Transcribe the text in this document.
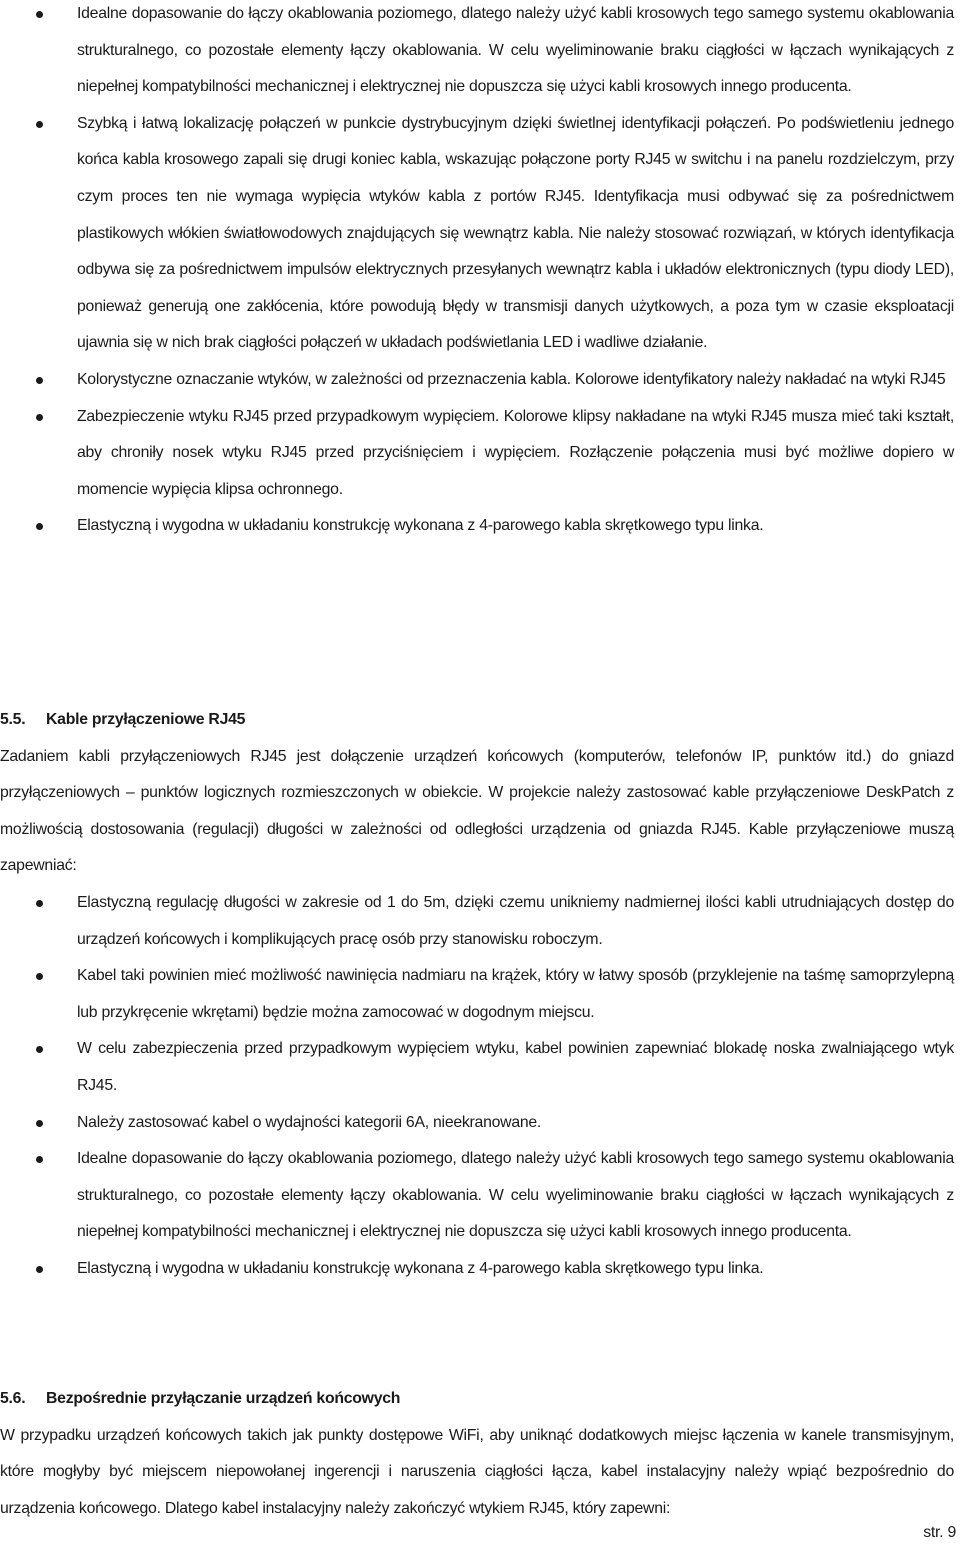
Idealne dopasowanie do łączy okablowania poziomego, dlatego należy użyć kabli krosowych tego samego systemu okablowania strukturalnego, co pozostałe elementy łączy okablowania. W celu wyeliminowanie braku ciągłości w łączach wynikających z niepełnej kompatybilności mechanicznej i elektrycznej nie dopuszcza się użyci kabli krosowych innego producenta.
Szybką i łatwą lokalizację połączeń w punkcie dystrybucyjnym dzięki świetlnej identyfikacji połączeń. Po podświetleniu jednego końca kabla krosowego zapali się drugi koniec kabla, wskazując połączone porty RJ45 w switchu i na panelu rozdzielczym, przy czym proces ten nie wymaga wypięcia wtyków kabla z portów RJ45. Identyfikacja musi odbywać się za pośrednictwem plastikowych włókien światłowodowych znajdujących się wewnątrz kabla. Nie należy stosować rozwiązań, w których identyfikacja odbywa się za pośrednictwem impulsów elektrycznych przesyłanych wewnątrz kabla i układów elektronicznych (typu diody LED), ponieważ generują one zakłócenia, które powodują błędy w transmisji danych użytkowych, a poza tym w czasie eksploatacji ujawnia się w nich brak ciągłości połączeń w układach podświetlania LED i wadliwe działanie.
Kolorystyczne oznaczanie wtyków, w zależności od przeznaczenia kabla. Kolorowe identyfikatory należy nakładać na wtyki RJ45
Zabezpieczenie wtyku RJ45 przed przypadkowym wypięciem. Kolorowe klipsy nakładane na wtyki RJ45 musza mieć taki kształt, aby chroniły nosek wtyku RJ45 przed przyciśnięciem i wypięciem. Rozłączenie połączenia musi być możliwe dopiero w momencie wypięcia klipsa ochronnego.
Elastyczną i wygodna w układaniu konstrukcję wykonana z 4-parowego kabla skrętkowego typu linka.
5.5. Kable przyłączeniowe RJ45

Zadaniem kabli przyłączeniowych RJ45 jest dołączenie urządzeń końcowych (komputerów, telefonów IP, punktów itd.) do gniazd przyłączeniowych – punktów logicznych rozmieszczonych w obiekcie. W projekcie należy zastosować kable przyłączeniowe DeskPatch z możliwością dostosowania (regulacji) długości w zależności od odległości urządzenia od gniazda RJ45. Kable przyłączeniowe muszą zapewniać:

Elastyczną regulację długości w zakresie od 1 do 5m, dzięki czemu unikniemy nadmiernej ilości kabli utrudniających dostęp do urządzeń końcowych i komplikujących pracę osób przy stanowisku roboczym.
Kabel taki powinien mieć możliwość nawinięcia nadmiaru na krążek, który w łatwy sposób (przyklejenie na taśmę samoprzylepną lub przykręcenie wkrętami) będzie można zamocować w dogodnym miejscu.
W celu zabezpieczenia przed przypadkowym wypięciem wtyku, kabel powinien zapewniać blokadę noska zwalniającego wtyk RJ45.
Należy zastosować kabel o wydajności kategorii 6A, nieekranowane.
Idealne dopasowanie do łączy okablowania poziomego, dlatego należy użyć kabli krosowych tego samego systemu okablowania strukturalnego, co pozostałe elementy łączy okablowania. W celu wyeliminowanie braku ciągłości w łączach wynikających z niepełnej kompatybilności mechanicznej i elektrycznej nie dopuszcza się użyci kabli krosowych innego producenta.
Elastyczną i wygodna w układaniu konstrukcję wykonana z 4-parowego kabla skrętkowego typu linka.
5.6. Bezpośrednie przyłączanie urządzeń końcowych

W przypadku urządzeń końcowych takich jak punkty dostępowe WiFi, aby uniknąć dodatkowych miejsc łączenia w kanele transmisyjnym, które mogłyby być miejscem niepowołanej ingerencji i naruszenia ciągłości łącza, kabel instalacyjny należy wpiąć bezpośrednio do urządzenia końcowego. Dlatego kabel instalacyjny należy zakończyć wtykiem RJ45, który zapewni:

str. 9
